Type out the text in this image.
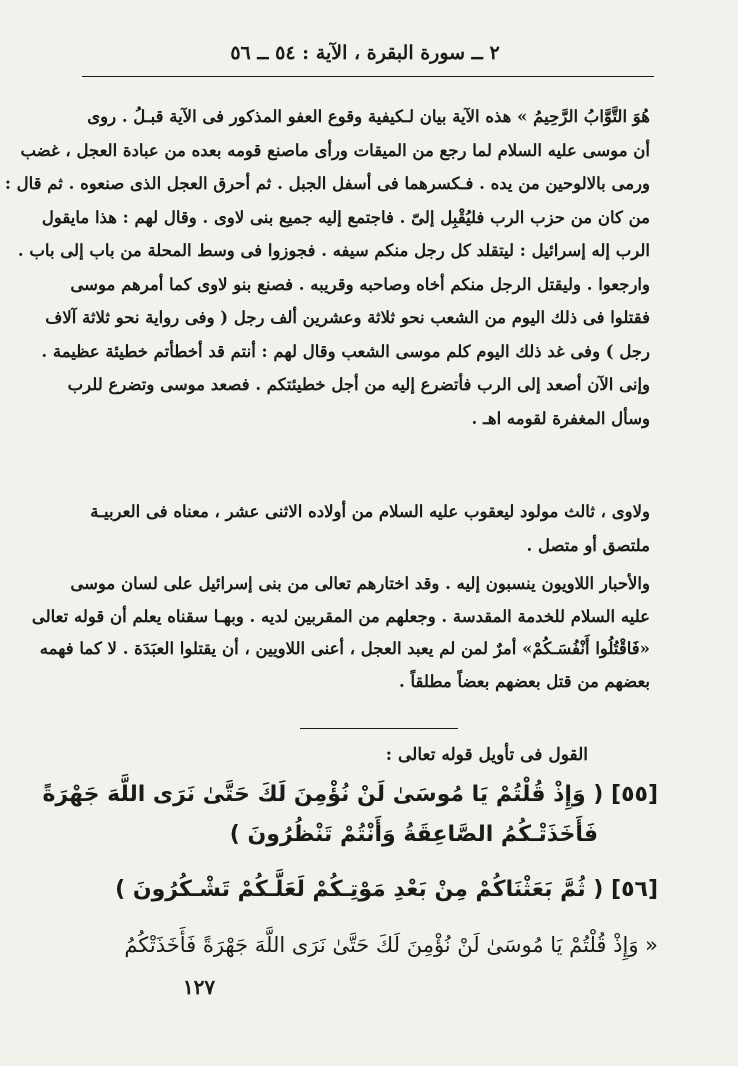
٢ ــ سورة البقرة ، الآية : ٥٤ ــ ٥٦
هُوَ التَّوَّابُ الرَّحِيمُ » هذه الآية بيان لـكيفية وقوع العفو المذكور فى الآية قبـلُ . روى
أن موسى عليه السلام لما رجع من الميقات ورأى ماصنع قومه بعده من عبادة العجل ، غضب
ورمى بالالوحين من يده . فـكسرهما فى أسفل الجبل . ثم أحرق العجل الذى صنعوه . ثم قال :
من كان من حزب الرب فليُقْبِل إلىّ . فاجتمع إليه جميع بنى لاوى . وقال لهم : هذا مايقول
الرب إله إسرائيل : ليتقلد كل رجل منكم سيفه . فجوزوا فى وسط المحلة من باب إلى باب .
وارجعوا . وليقتل الرجل منكم أخاه وصاحبه وقريبه . فصنع بنو لاوى كما أمرهم موسى
فقتلوا فى ذلك اليوم من الشعب نحو ثلاثة وعشرين ألف رجل ( وفى رواية نحو ثلاثة آلاف
رجل ) وفى غد ذلك اليوم كلم موسى الشعب وقال لهم : أنتم قد أخطأتم خطيئة عظيمة .
وإنى الآن أصعد إلى الرب فأتضرع إليه من أجل خطيئتكم . فصعد موسى وتضرع للرب
وسأل المغفرة لقومه اهـ .
ولاوى ، ثالث مولود ليعقوب عليه السلام من أولاده الاثنى عشر ، معناه فى العربيـة
ملتصق أو متصل .
والأحبار اللاويون ينسبون إليه . وقد اختارهم تعالى من بنى إسرائيل على لسان موسى
عليه السلام للخدمة المقدسة . وجعلهم من المقربين لديه . وبهـا سقناه يعلم أن قوله تعالى
«فَاقْتُلُوا أَنْفُسَـكُمْ» أمرٌ لمن لم يعبد العجل ، أعنى اللاويين ، أن يقتلوا العبَدَة . لا كما فهمه
بعضهم من قتل بعضهم بعضاً مطلقاً .
القول فى تأويل قوله تعالى :
[٥٥] ( وَإِذْ قُلْتُمْ يَا مُوسَىٰ لَنْ نُؤْمِنَ لَكَ حَتَّىٰ نَرَى اللَّهَ جَهْرَةً
فَأَخَذَتْـكُمُ الصَّاعِقَةُ وَأَنْتُمْ تَنْظُرُونَ )
[٥٦] ( ثُمَّ بَعَثْنَاكُمْ مِنْ بَعْدِ مَوْتِـكُمْ لَعَلَّـكُمْ تَشْـكُرُونَ )
« وَإِذْ قُلْتُمْ يَا مُوسَىٰ لَنْ نُؤْمِنَ لَكَ حَتَّىٰ نَرَى اللَّهَ جَهْرَةً فَأَخَذَتْكُمُ
١٢٧
